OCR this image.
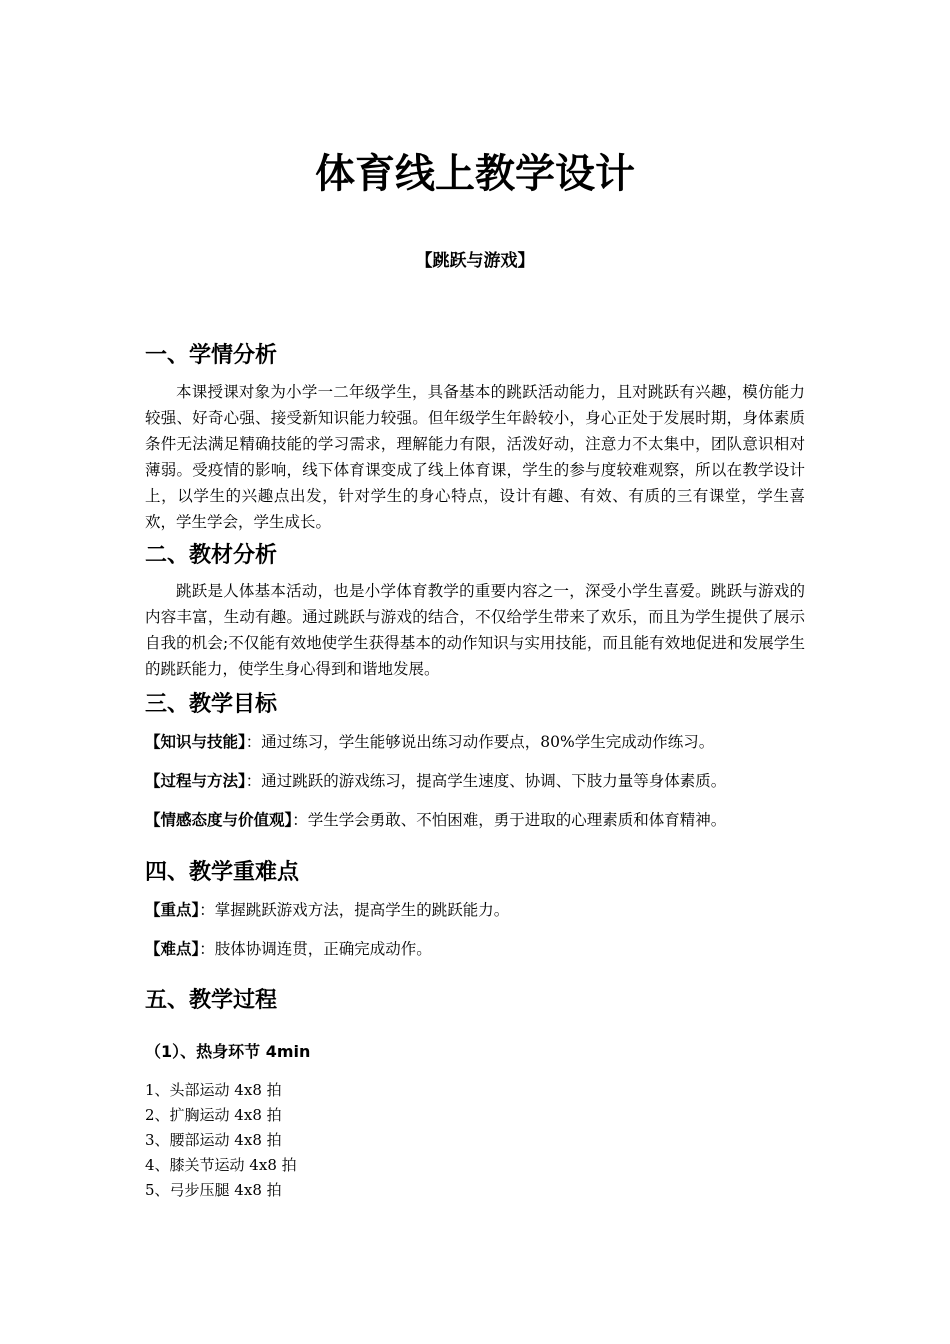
体育线上教学设计
【跳跃与游戏】
一、学情分析

本课授课对象为小学一二年级学生，具备基本的跳跃活动能力，且对跳跃有兴趣，模仿能力较强、好奇心强、接受新知识能力较强。但年级学生年龄较小，身心正处于发展时期，身体素质条件无法满足精确技能的学习需求，理解能力有限，活泼好动，注意力不太集中，团队意识相对薄弱。受疫情的影响，线下体育课变成了线上体育课，学生的参与度较难观察，所以在教学设计上，以学生的兴趣点出发，针对学生的身心特点，设计有趣、有效、有质的三有课堂，学生喜欢，学生学会，学生成长。

二、教材分析

跳跃是人体基本活动，也是小学体育教学的重要内容之一，深受小学生喜爱。跳跃与游戏的内容丰富，生动有趣。通过跳跃与游戏的结合，不仅给学生带来了欢乐，而且为学生提供了展示自我的机会;不仅能有效地使学生获得基本的动作知识与实用技能，而且能有效地促进和发展学生的跳跃能力，使学生身心得到和谐地发展。

三、教学目标
【知识与技能】：通过练习，学生能够说出练习动作要点，80%学生完成动作练习。
【过程与方法】：通过跳跃的游戏练习，提高学生速度、协调、下肢力量等身体素质。
【情感态度与价值观】：学生学会勇敢、不怕困难，勇于进取的心理素质和体育精神。
四、教学重难点
【重点】：掌握跳跃游戏方法，提高学生的跳跃能力。
【难点】：肢体协调连贯，正确完成动作。
五、教学过程
（1）、热身环节 4min
1、头部运动 4x8 拍
2、扩胸运动 4x8 拍
3、腰部运动 4x8 拍
4、膝关节运动 4x8 拍
5、弓步压腿 4x8 拍
